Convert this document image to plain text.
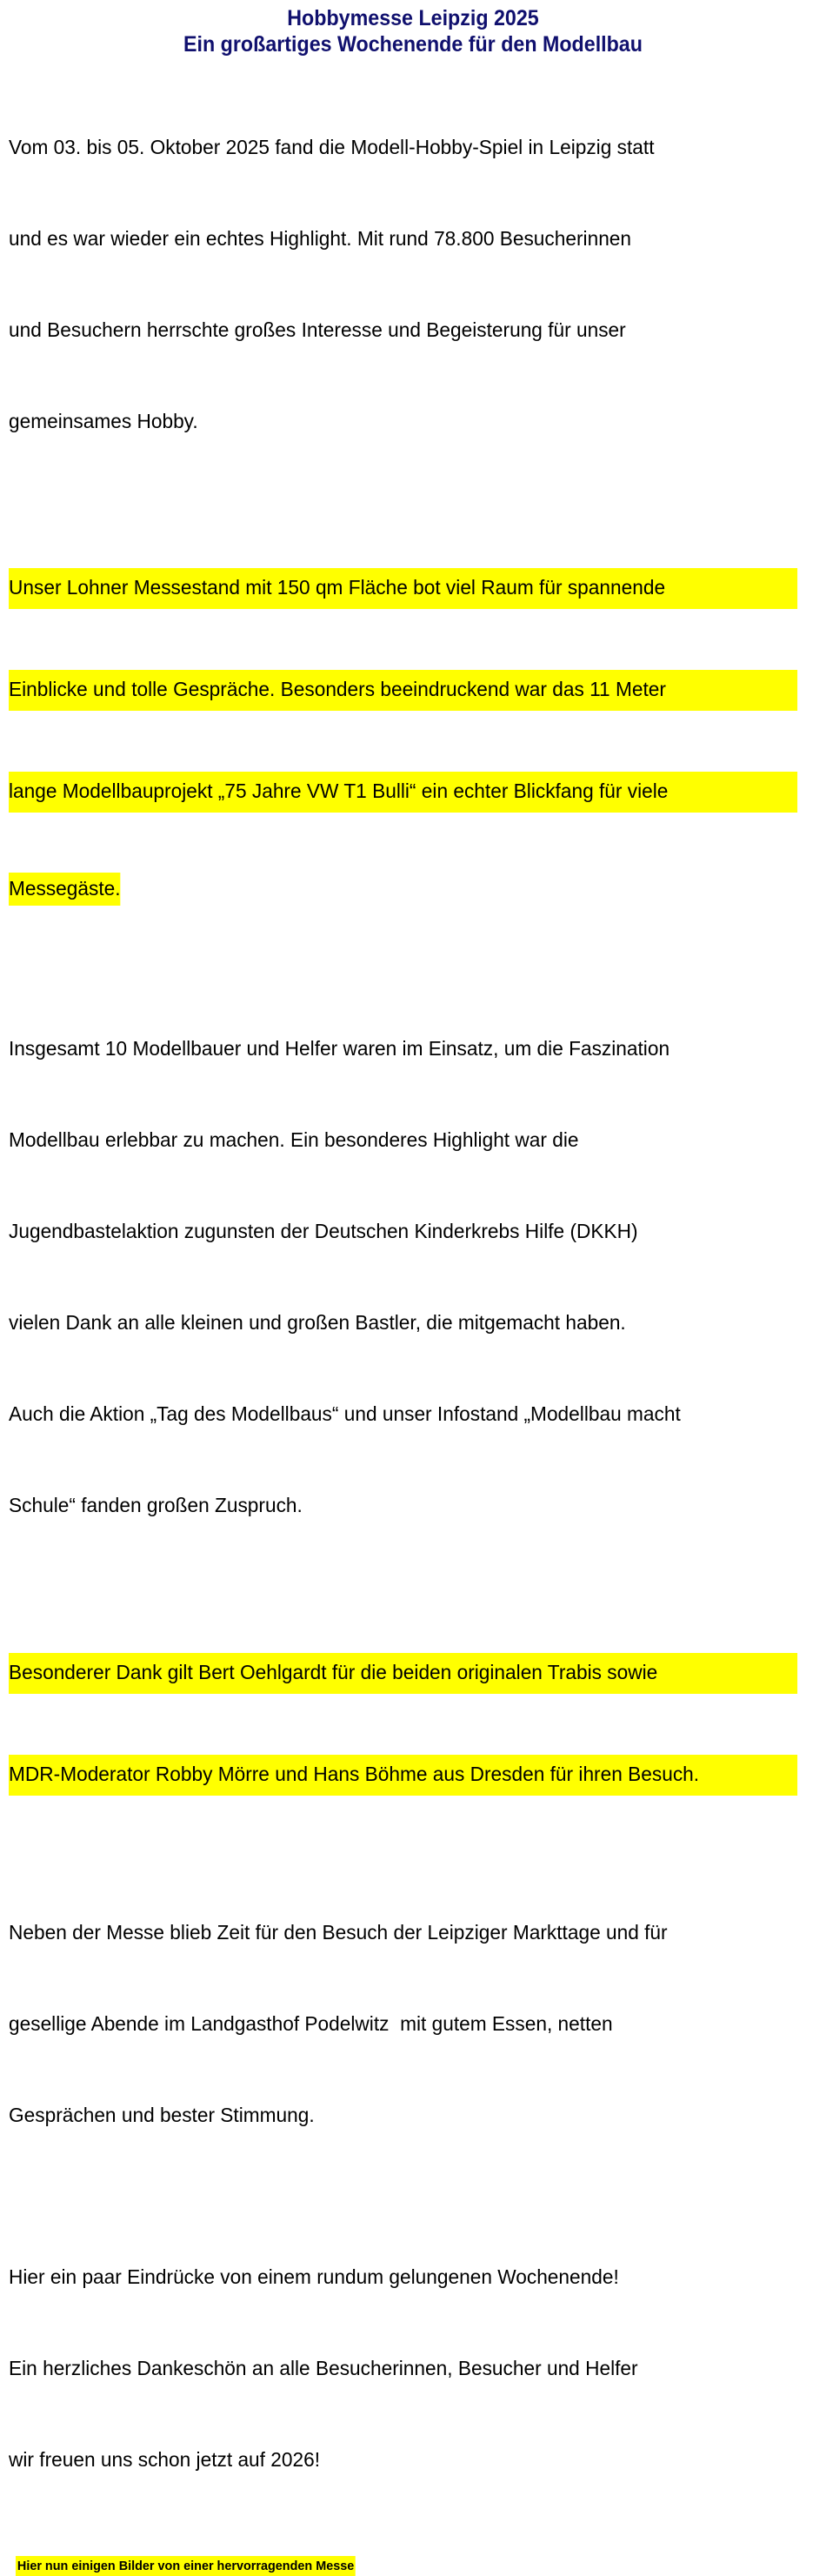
Hobbymesse Leipzig 2025
Ein großartiges Wochenende für den Modellbau

Vom 03. bis 05. Oktober 2025 fand die Modell-Hobby-Spiel in Leipzig statt

und es war wieder ein echtes Highlight. Mit rund 78.800 Besucherinnen

und Besuchern herrschte großes Interesse und Begeisterung für unser

gemeinsames Hobby.

Unser Lohner Messestand mit 150 qm Fläche bot viel Raum für spannende

Einblicke und tolle Gespräche. Besonders beeindruckend war das 11 Meter

lange Modellbauprojekt „75 Jahre VW T1 Bulli“ ein echter Blickfang für viele

Messegäste.

Insgesamt 10 Modellbauer und Helfer waren im Einsatz, um die Faszination

Modellbau erlebbar zu machen. Ein besonderes Highlight war die

Jugendbastelaktion zugunsten der Deutschen Kinderkrebs Hilfe (DKKH)

vielen Dank an alle kleinen und großen Bastler, die mitgemacht haben.

Auch die Aktion „Tag des Modellbaus“ und unser Infostand „Modellbau macht

Schule“ fanden großen Zuspruch.

Besonderer Dank gilt Bert Oehlgardt für die beiden originalen Trabis sowie

MDR-Moderator Robby Mörre und Hans Böhme aus Dresden für ihren Besuch.

Neben der Messe blieb Zeit für den Besuch der Leipziger Markttage und für

gesellige Abende im Landgasthof Podelwitz  mit gutem Essen, netten

Gesprächen und bester Stimmung.

Hier ein paar Eindrücke von einem rundum gelungenen Wochenende!

Ein herzliches Dankeschön an alle Besucherinnen, Besucher und Helfer

wir freuen uns schon jetzt auf 2026!

Hier nun einigen Bilder von einer hervorragenden Messe
